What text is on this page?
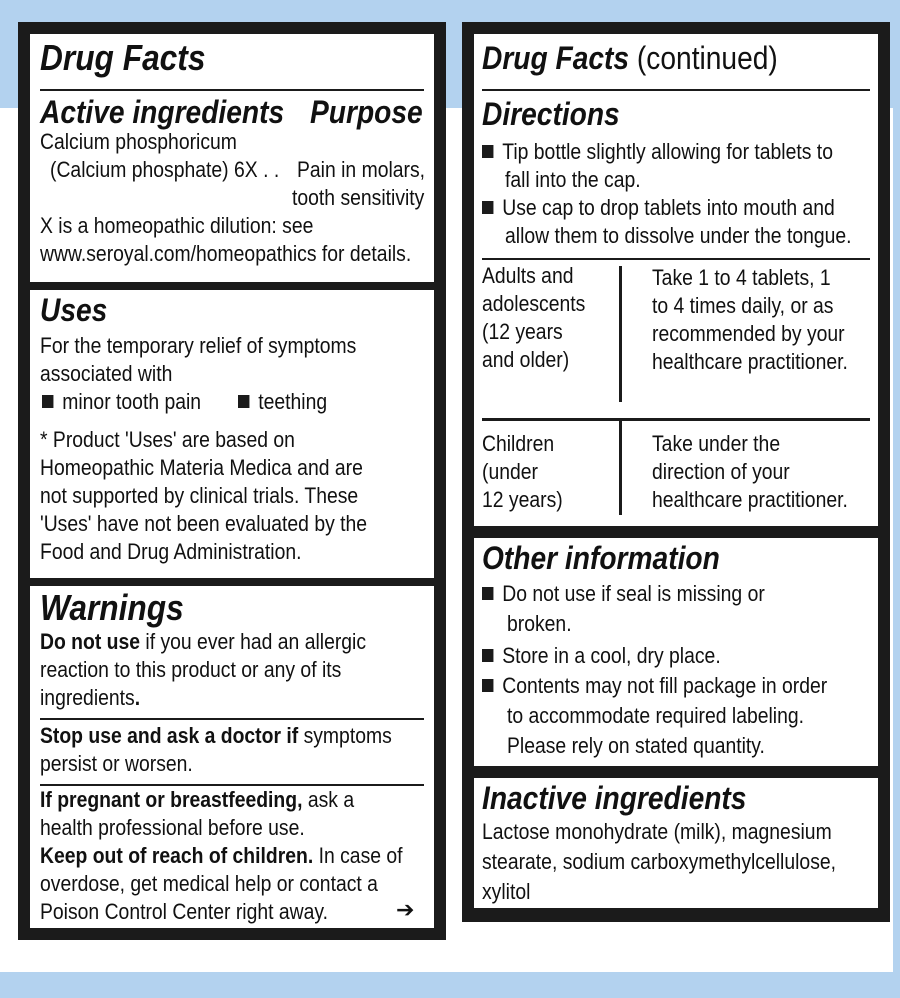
Drug Facts
Active ingredients Purpose
Calcium phosphoricum
(Calcium phosphate) 6X . . Pain in molars,
tooth sensitivity
X is a homeopathic dilution: see
www.seroyal.com/homeopathics for details.
Uses
For the temporary relief of symptoms
associated with
minor tooth pain	teething
* Product 'Uses' are based on
Homeopathic Materia Medica and are
not supported by clinical trials. These
'Uses' have not been evaluated by the
Food and Drug Administration.
Warnings
Do not use if you ever had an allergic
reaction to this product or any of its
ingredients.
Stop use and ask a doctor if symptoms
persist or worsen.
If pregnant or breastfeeding, ask a
health professional before use.
Keep out of reach of children. In case of
overdose, get medical help or contact a
Poison Control Center right away.	➔
Drug Facts (continued)
Directions
Tip bottle slightly allowing for tablets to
fall into the cap.
Use cap to drop tablets into mouth and
allow them to dissolve under the tongue.
Adults and
adolescents
(12 years
and older)
Take 1 to 4 tablets, 1
to 4 times daily, or as
recommended by your
healthcare practitioner.
Children
(under
12 years)
Take under the
direction of your
healthcare practitioner.
Other information
Do not use if seal is missing or
broken.
Store in a cool, dry place.
Contents may not fill package in order
to accommodate required labeling.
Please rely on stated quantity.
Inactive ingredients
Lactose monohydrate (milk), magnesium
stearate, sodium carboxymethylcellulose,
xylitol
